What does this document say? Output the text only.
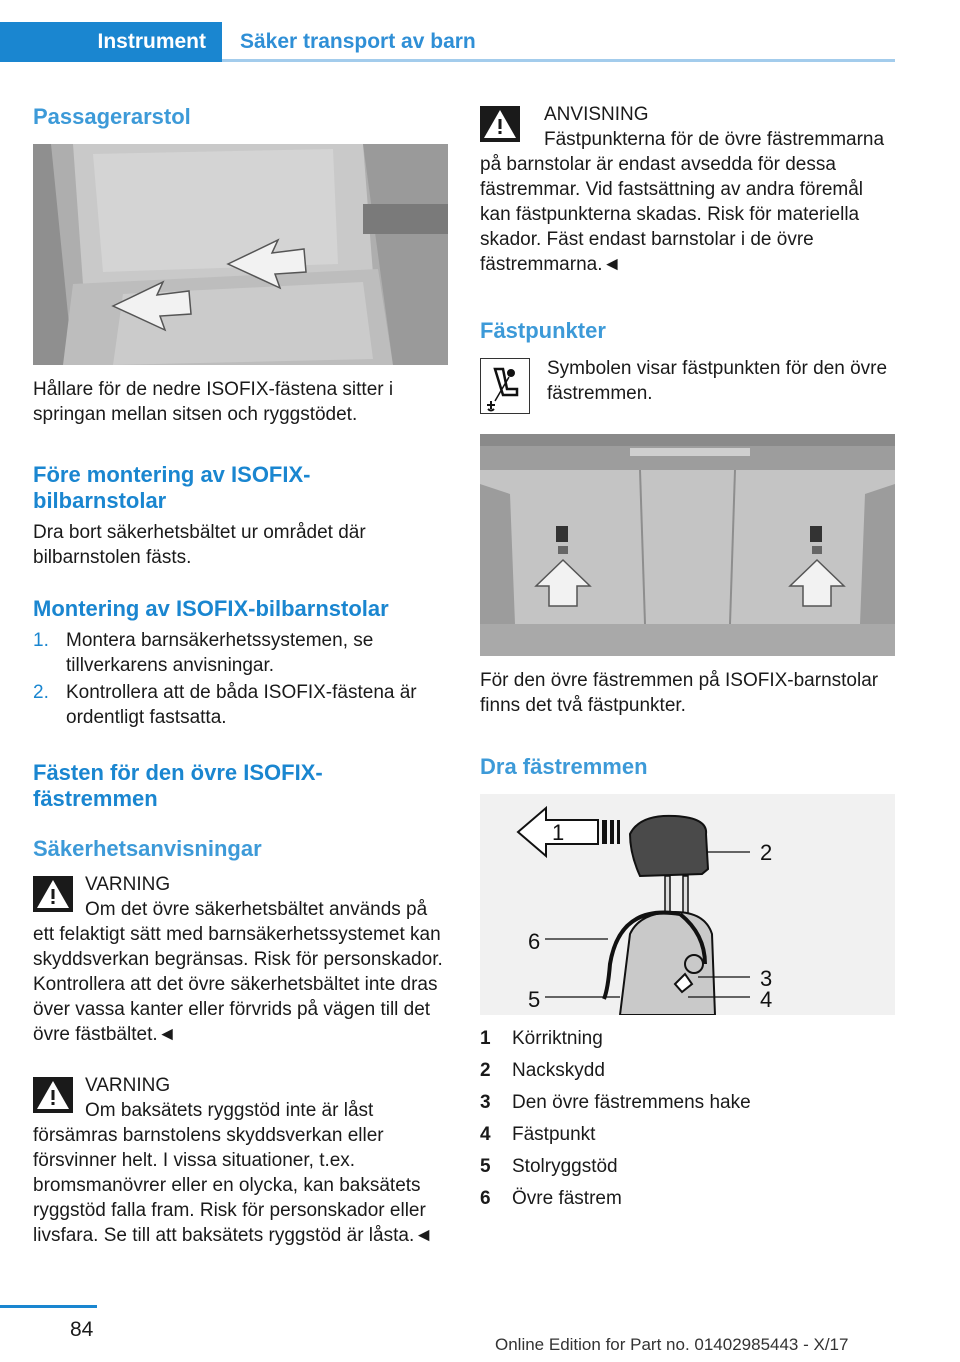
Instrument	Säker transport av barn
Passagerarstol

Hållare för de nedre ISOFIX-fästena sitter i springan mellan sitsen och ryggstödet.

Före montering av ISOFIX-bilbarnstolar

Dra bort säkerhetsbältet ur området där bilbarnstolen fästs.

Montering av ISOFIX-bilbarnstolar
1. Montera barnsäkerhetssystemen, se tillverkarens anvisningar.
2. Kontrollera att de båda ISOFIX-fästena är ordentligt fastsatta.
Fästen för den övre ISOFIX-fästremmen
Säkerhetsanvisningar
VARNING

Om det övre säkerhetsbältet används på ett felaktigt sätt med barnsäkerhetssystemet kan skyddsverkan begränsas. Risk för personskador. Kontrollera att det övre säkerhetsbältet inte dras över vassa kanter eller förvrids på vägen till det övre fästbältet.◄

VARNING

Om baksätets ryggstöd inte är låst försämras barnstolens skyddsverkan eller försvinner helt. I vissa situationer, t.ex. bromsmanövrer eller en olycka, kan baksätets ryggstöd falla fram. Risk för personskador eller livsfara. Se till att baksätets ryggstöd är låsta.◄

ANVISNING

Fästpunkterna för de övre fästremmarna på barnstolar är endast avsedda för dessa fästremmar. Vid fastsättning av andra föremål kan fästpunkterna skadas. Risk för materiella skador. Fäst endast barnstolar i de övre fästremmarna.◄

Fästpunkter

Symbolen visar fästpunkten för den övre fästremmen.

För den övre fästremmen på ISOFIX-barnstolar finns det två fästpunkter.

Dra fästremmen
1
2
3
4
5
6
1 Körriktning
2 Nackskydd
3 Den övre fästremmens hake
4 Fästpunkt
5 Stolryggstöd
6 Övre fästrem
84
Online Edition for Part no. 01402985443 - X/17
